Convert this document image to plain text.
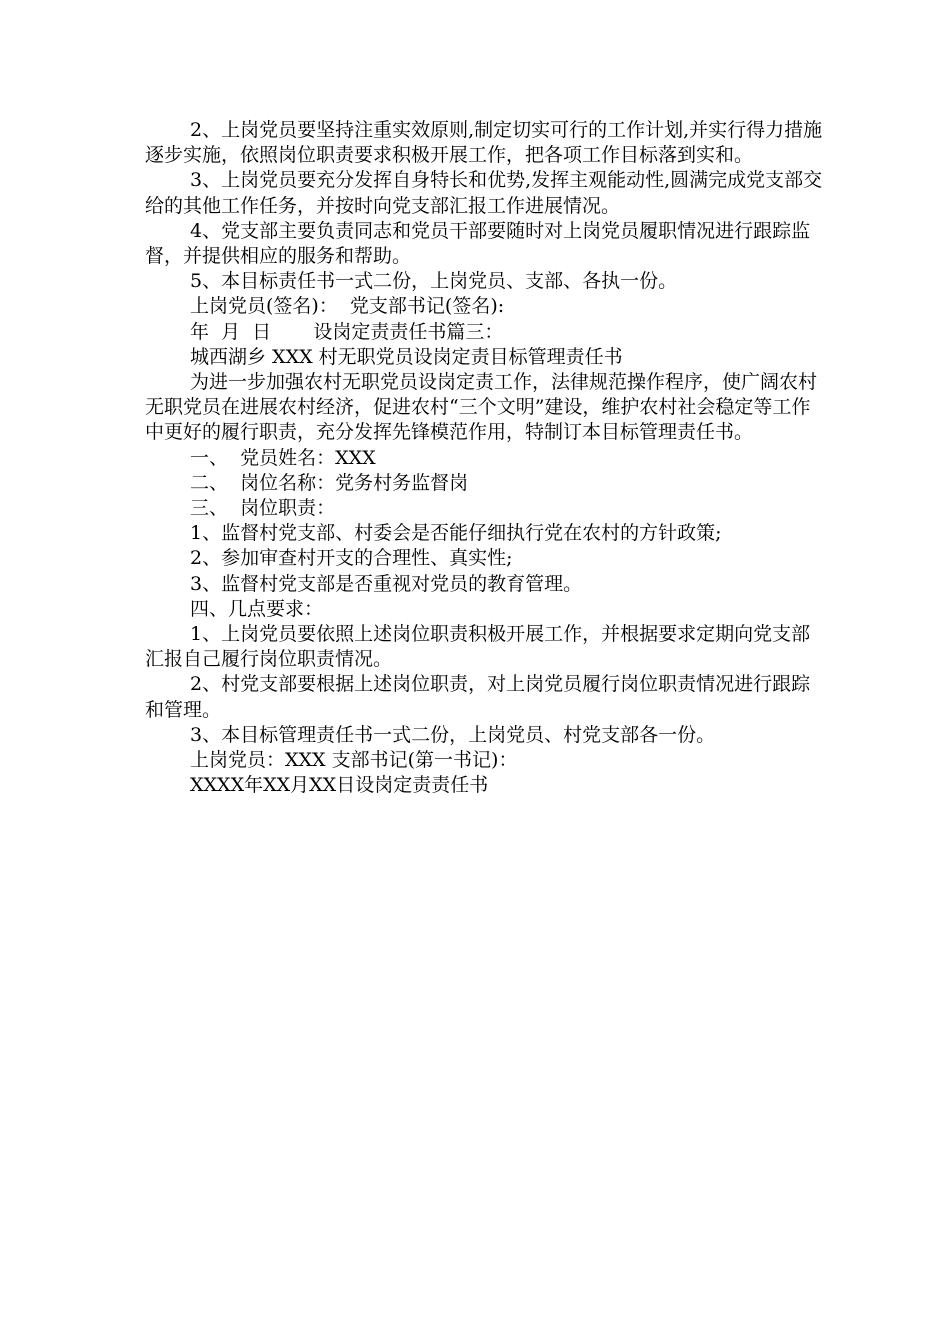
2、上岗党员要坚持注重实效原则,制定切实可行的工作计划,并实行得力措施逐步实施，依照岗位职责要求积极开展工作，把各项工作目标落到实和。

3、上岗党员要充分发挥自身特长和优势,发挥主观能动性,圆满完成党支部交给的其他工作任务，并按时向党支部汇报工作进展情况。

4、党支部主要负责同志和党员干部要随时对上岗党员履职情况进行跟踪监督，并提供相应的服务和帮助。

5、本目标责任书一式二份，上岗党员、支部、各执一份。

上岗党员(签名)：  党支部书记(签名):

年  月  日       设岗定责责任书篇三：

城西湖乡 XXX 村无职党员设岗定责目标管理责任书

为进一步加强农村无职党员设岗定责工作，法律规范操作程序，使广阔农村无职党员在进展农村经济，促进农村“三个文明”建设，维护农村社会稳定等工作中更好的履行职责，充分发挥先锋模范作用，特制订本目标管理责任书。

一、  党员姓名：XXX

二、  岗位名称：党务村务监督岗

三、  岗位职责：

1、监督村党支部、村委会是否能仔细执行党在农村的方针政策;

2、参加审查村开支的合理性、真实性;

3、监督村党支部是否重视对党员的教育管理。

四、几点要求：

1、上岗党员要依照上述岗位职责积极开展工作，并根据要求定期向党支部汇报自己履行岗位职责情况。

2、村党支部要根据上述岗位职责，对上岗党员履行岗位职责情况进行跟踪和管理。

3、本目标管理责任书一式二份，上岗党员、村党支部各一份。

上岗党员：XXX 支部书记(第一书记)：

XXXX年XX月XX日设岗定责责任书
